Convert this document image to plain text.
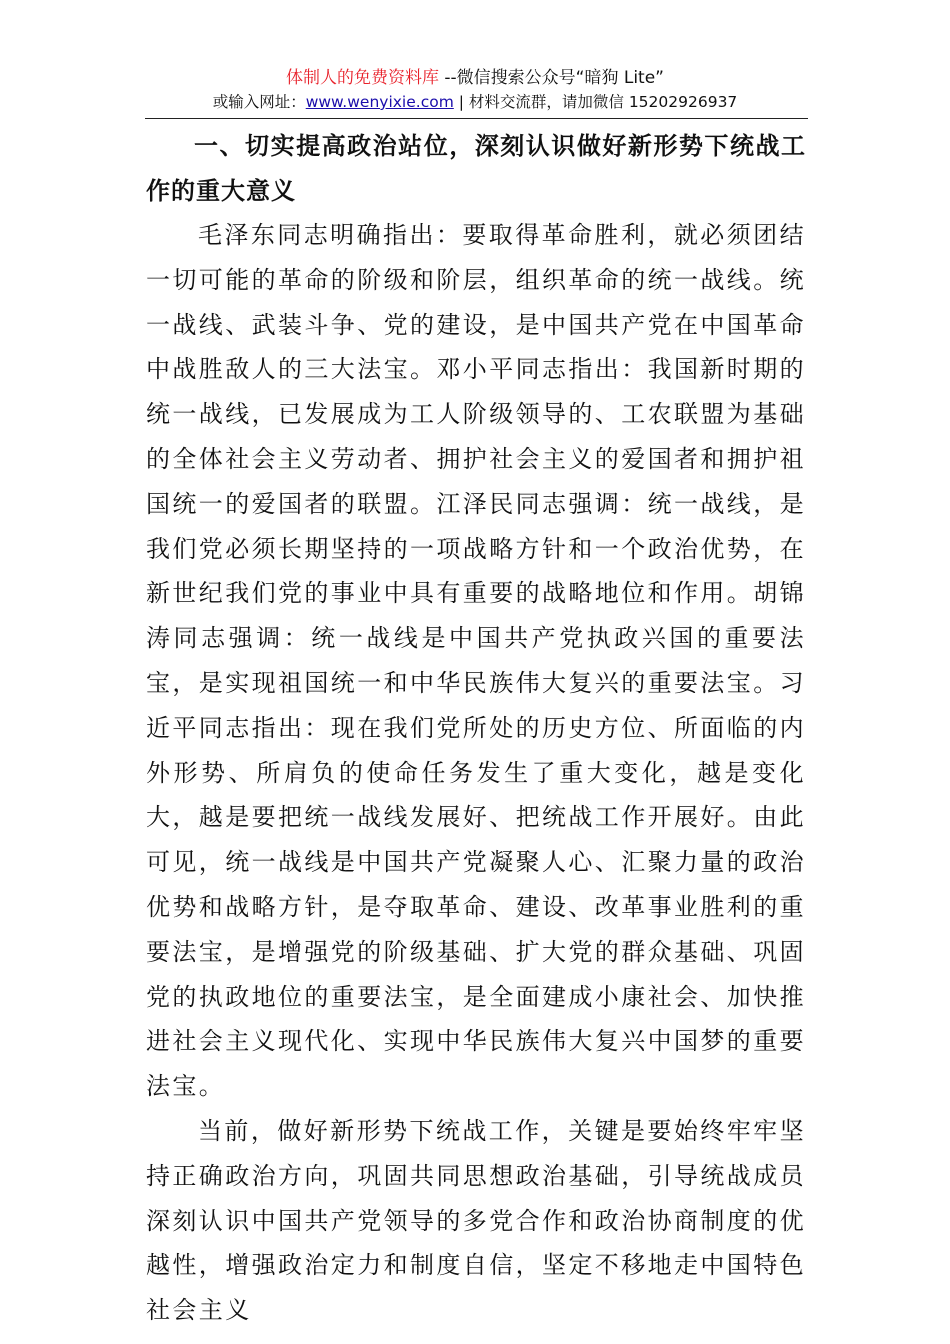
体制人的免费资料库 --微信搜索公众号“暗狗 Lite”
或输入网址：www.wenyixie.com | 材料交流群，请加微信 15202926937
一、切实提高政治站位，深刻认识做好新形势下统战工作的重大意义

毛泽东同志明确指出：要取得革命胜利，就必须团结一切可能的革命的阶级和阶层，组织革命的统一战线。统一战线、武装斗争、党的建设，是中国共产党在中国革命中战胜敌人的三大法宝。邓小平同志指出：我国新时期的统一战线，已发展成为工人阶级领导的、工农联盟为基础的全体社会主义劳动者、拥护社会主义的爱国者和拥护祖国统一的爱国者的联盟。江泽民同志强调：统一战线，是我们党必须长期坚持的一项战略方针和一个政治优势，在新世纪我们党的事业中具有重要的战略地位和作用。胡锦涛同志强调：统一战线是中国共产党执政兴国的重要法宝，是实现祖国统一和中华民族伟大复兴的重要法宝。习近平同志指出：现在我们党所处的历史方位、所面临的内外形势、所肩负的使命任务发生了重大变化，越是变化大，越是要把统一战线发展好、把统战工作开展好。由此可见，统一战线是中国共产党凝聚人心、汇聚力量的政治优势和战略方针，是夺取革命、建设、改革事业胜利的重要法宝，是增强党的阶级基础、扩大党的群众基础、巩固党的执政地位的重要法宝，是全面建成小康社会、加快推进社会主义现代化、实现中华民族伟大复兴中国梦的重要法宝。

当前，做好新形势下统战工作，关键是要始终牢牢坚持正确政治方向，巩固共同思想政治基础，引导统战成员深刻认识中国共产党领导的多党合作和政治协商制度的优越性，增强政治定力和制度自信，坚定不移地走中国特色社会主义
